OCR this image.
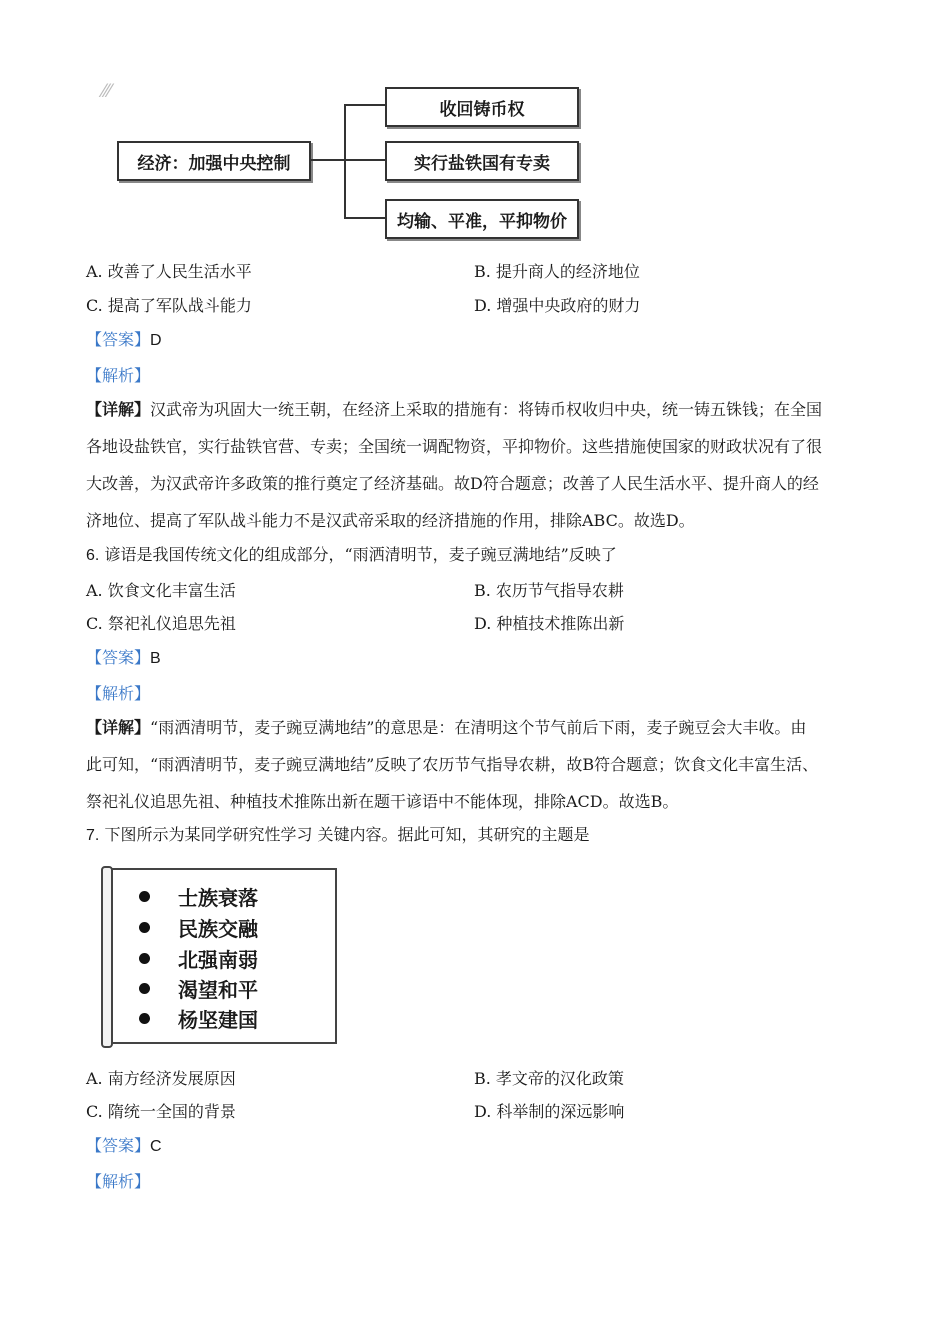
⁄⁄⁄
经济：加强中央控制
收回铸币权
实行盐铁国有专卖
均输、平准，平抑物价
A. 改善了人民生活水平	B. 提升商人的经济地位
C. 提高了军队战斗能力	D. 增强中央政府的财力
【答案】D
【解析】
【详解】汉武帝为巩固大一统王朝，在经济上采取的措施有：将铸币权收归中央，统一铸五铢钱；在全国
各地设盐铁官，实行盐铁官营、专卖；全国统一调配物资，平抑物价。这些措施使国家的财政状况有了很
大改善，为汉武帝许多政策的推行奠定了经济基础。故D符合题意；改善了人民生活水平、提升商人的经
济地位、提高了军队战斗能力不是汉武帝采取的经济措施的作用，排除ABC。故选D。
6. 谚语是我国传统文化的组成部分，“雨洒清明节，麦子豌豆满地结”反映了
A. 饮食文化丰富生活	B. 农历节气指导农耕
C. 祭祀礼仪追思先祖	D. 种植技术推陈出新
【答案】B
【解析】
【详解】“雨洒清明节，麦子豌豆满地结”的意思是：在清明这个节气前后下雨，麦子豌豆会大丰收。由
此可知，“雨洒清明节，麦子豌豆满地结”反映了农历节气指导农耕，故B符合题意；饮食文化丰富生活、
祭祀礼仪追思先祖、种植技术推陈出新在题干谚语中不能体现，排除ACD。故选B。
7. 下图所示为某同学研究性学习 关键内容。据此可知，其研究的主题是
士族衰落
民族交融
北强南弱
渴望和平
杨坚建国
A. 南方经济发展原因	B. 孝文帝的汉化政策
C. 隋统一全国的背景	D. 科举制的深远影响
【答案】C
【解析】
